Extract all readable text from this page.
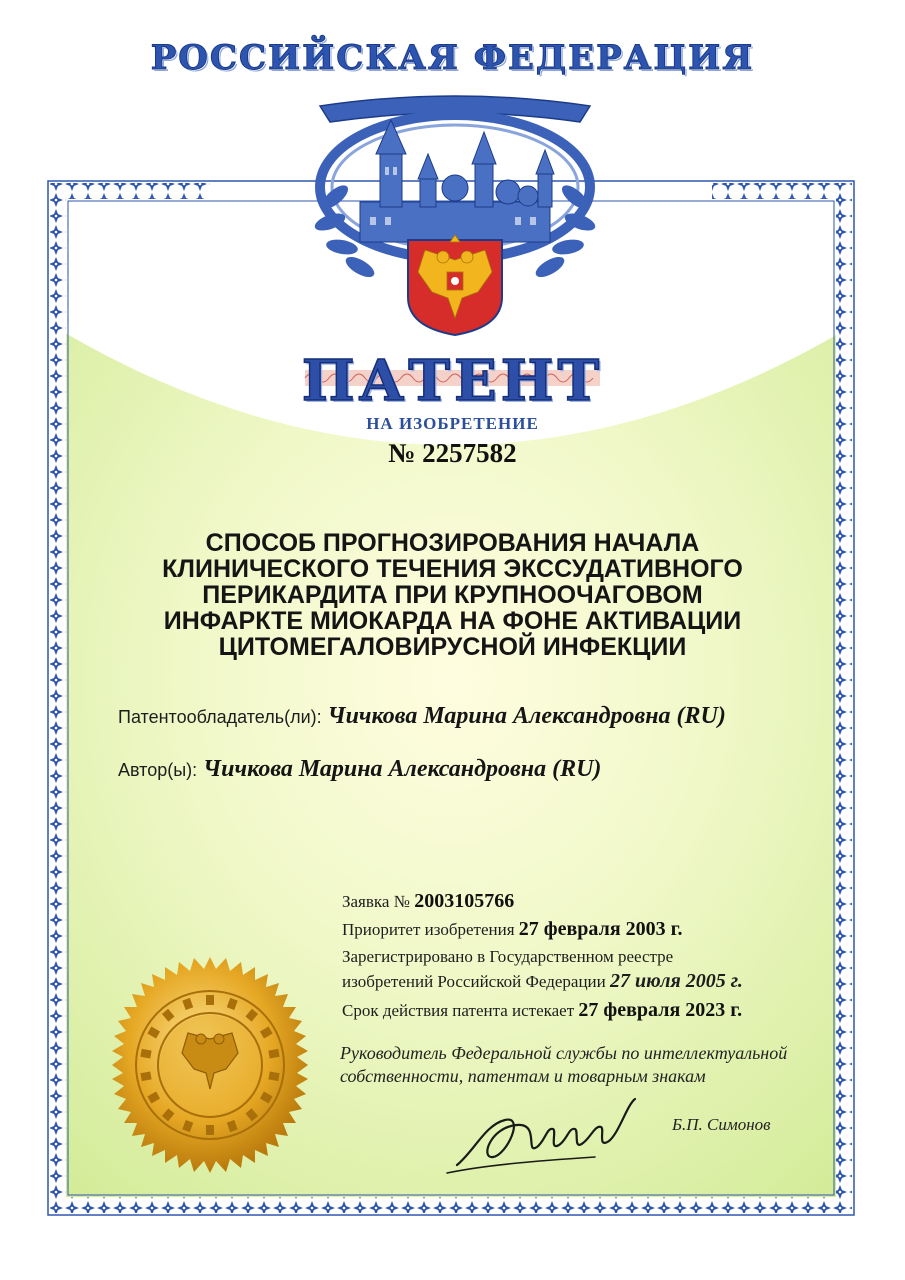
РОССИЙСКАЯ ФЕДЕРАЦИЯ
ПАТЕНТ
НА ИЗОБРЕТЕНИЕ
№ 2257582
СПОСОБ ПРОГНОЗИРОВАНИЯ НАЧАЛА
КЛИНИЧЕСКОГО ТЕЧЕНИЯ ЭКССУДАТИВНОГО
ПЕРИКАРДИТА ПРИ КРУПНООЧАГОВОМ
ИНФАРКТЕ МИОКАРДА НА ФОНЕ АКТИВАЦИИ
ЦИТОМЕГАЛОВИРУСНОЙ ИНФЕКЦИИ
Патентообладатель(ли): Чичкова Марина Александровна (RU)
Автор(ы): Чичкова Марина Александровна (RU)
Заявка № 2003105766
Приоритет изобретения 27 февраля 2003 г.
Зарегистрировано в Государственном реестре
изобретений Российской Федерации 27 июля 2005 г.
Срок действия патента истекает 27 февраля 2023 г.
Руководитель Федеральной службы по интеллектуальной
собственности, патентам и товарным знакам
Б.П. Симонов
